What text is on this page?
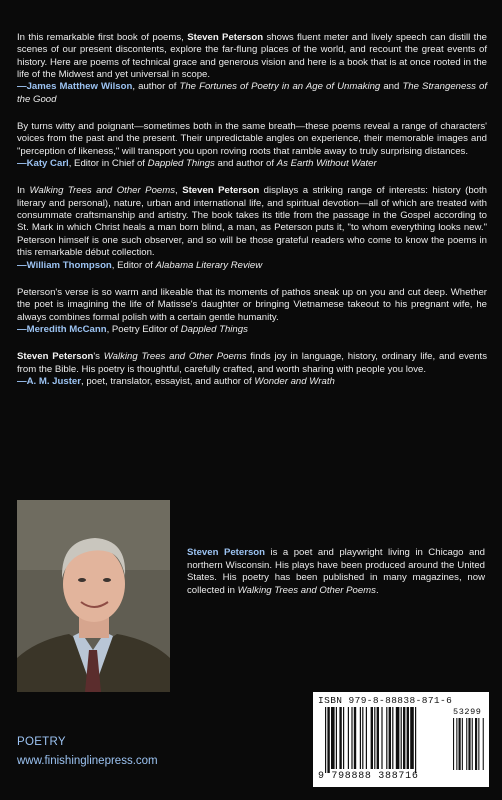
In this remarkable first book of poems, Steven Peterson shows fluent meter and lively speech can distill the scenes of our present discontents, explore the far-flung places of the world, and recount the great events of history. Here are poems of technical grace and generous vision and here is a book that is at once rooted in the life of the Midwest and yet universal in scope.

—James Matthew Wilson, author of The Fortunes of Poetry in an Age of Unmaking and The Strangeness of the Good

By turns witty and poignant—sometimes both in the same breath—these poems reveal a range of characters' voices from the past and the present. Their unpredictable angles on experience, their memorable images and "perception of likeness," will transport you upon roving roots that ramble away to truly surprising distances.

—Katy Carl, Editor in Chief of Dappled Things and author of As Earth Without Water

In Walking Trees and Other Poems, Steven Peterson displays a striking range of interests: history (both literary and personal), nature, urban and international life, and spiritual devotion—all of which are treated with consummate craftsmanship and artistry. The book takes its title from the passage in the Gospel according to St. Mark in which Christ heals a man born blind, a man, as Peterson puts it, "to whom everything looks new." Peterson himself is one such observer, and so will be those grateful readers who come to know the poems in this remarkable début collection.

—William Thompson, Editor of Alabama Literary Review

Peterson's verse is so warm and likeable that its moments of pathos sneak up on you and cut deep. Whether the poet is imagining the life of Matisse's daughter or bringing Vietnamese takeout to his pregnant wife, he always combines formal polish with a certain gentle humanity.

—Meredith McCann, Poetry Editor of Dappled Things

Steven Peterson's Walking Trees and Other Poems finds joy in language, history, ordinary life, and events from the Bible. His poetry is thoughtful, carefully crafted, and worth sharing with people you love.

—A. M. Juster, poet, translator, essayist, and author of Wonder and Wrath

Steven Peterson is a poet and playwright living in Chicago and northern Wisconsin. His plays have been produced around the United States. His poetry has been published in many magazines, now collected in Walking Trees and Other Poems.

POETRY
www.finishinglinepress.com
ISBN 979-8-88838-871-6
9 798888 388716
53299
